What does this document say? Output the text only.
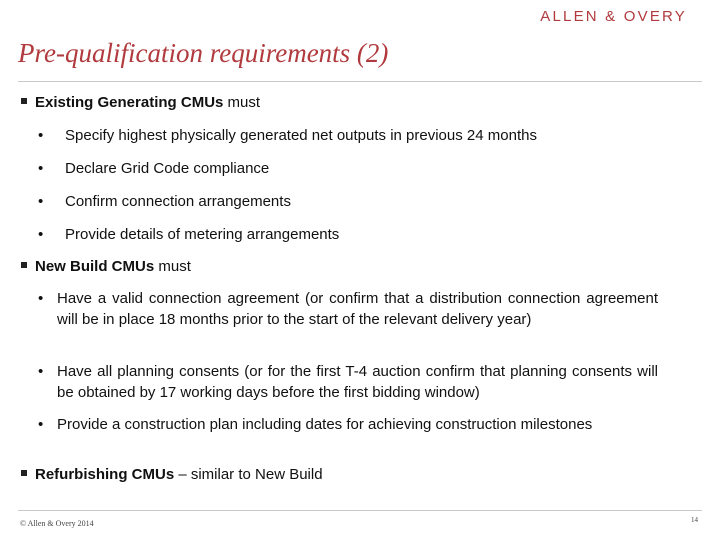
ALLEN & OVERY
Pre-qualification requirements (2)
Existing Generating CMUs must
• Specify highest physically generated net outputs in previous 24 months
• Declare Grid Code compliance
• Confirm connection arrangements
• Provide details of metering arrangements
New Build CMUs must
• Have a valid connection agreement (or confirm that a distribution connection agreement will be in place 18 months prior to the start of the relevant delivery year)
• Have all planning consents (or for the first T-4 auction confirm that planning consents will be obtained by 17 working days before the first bidding window)
• Provide a construction plan including dates for achieving construction milestones
Refurbishing CMUs – similar to New Build
© Allen & Overy 2014	14
